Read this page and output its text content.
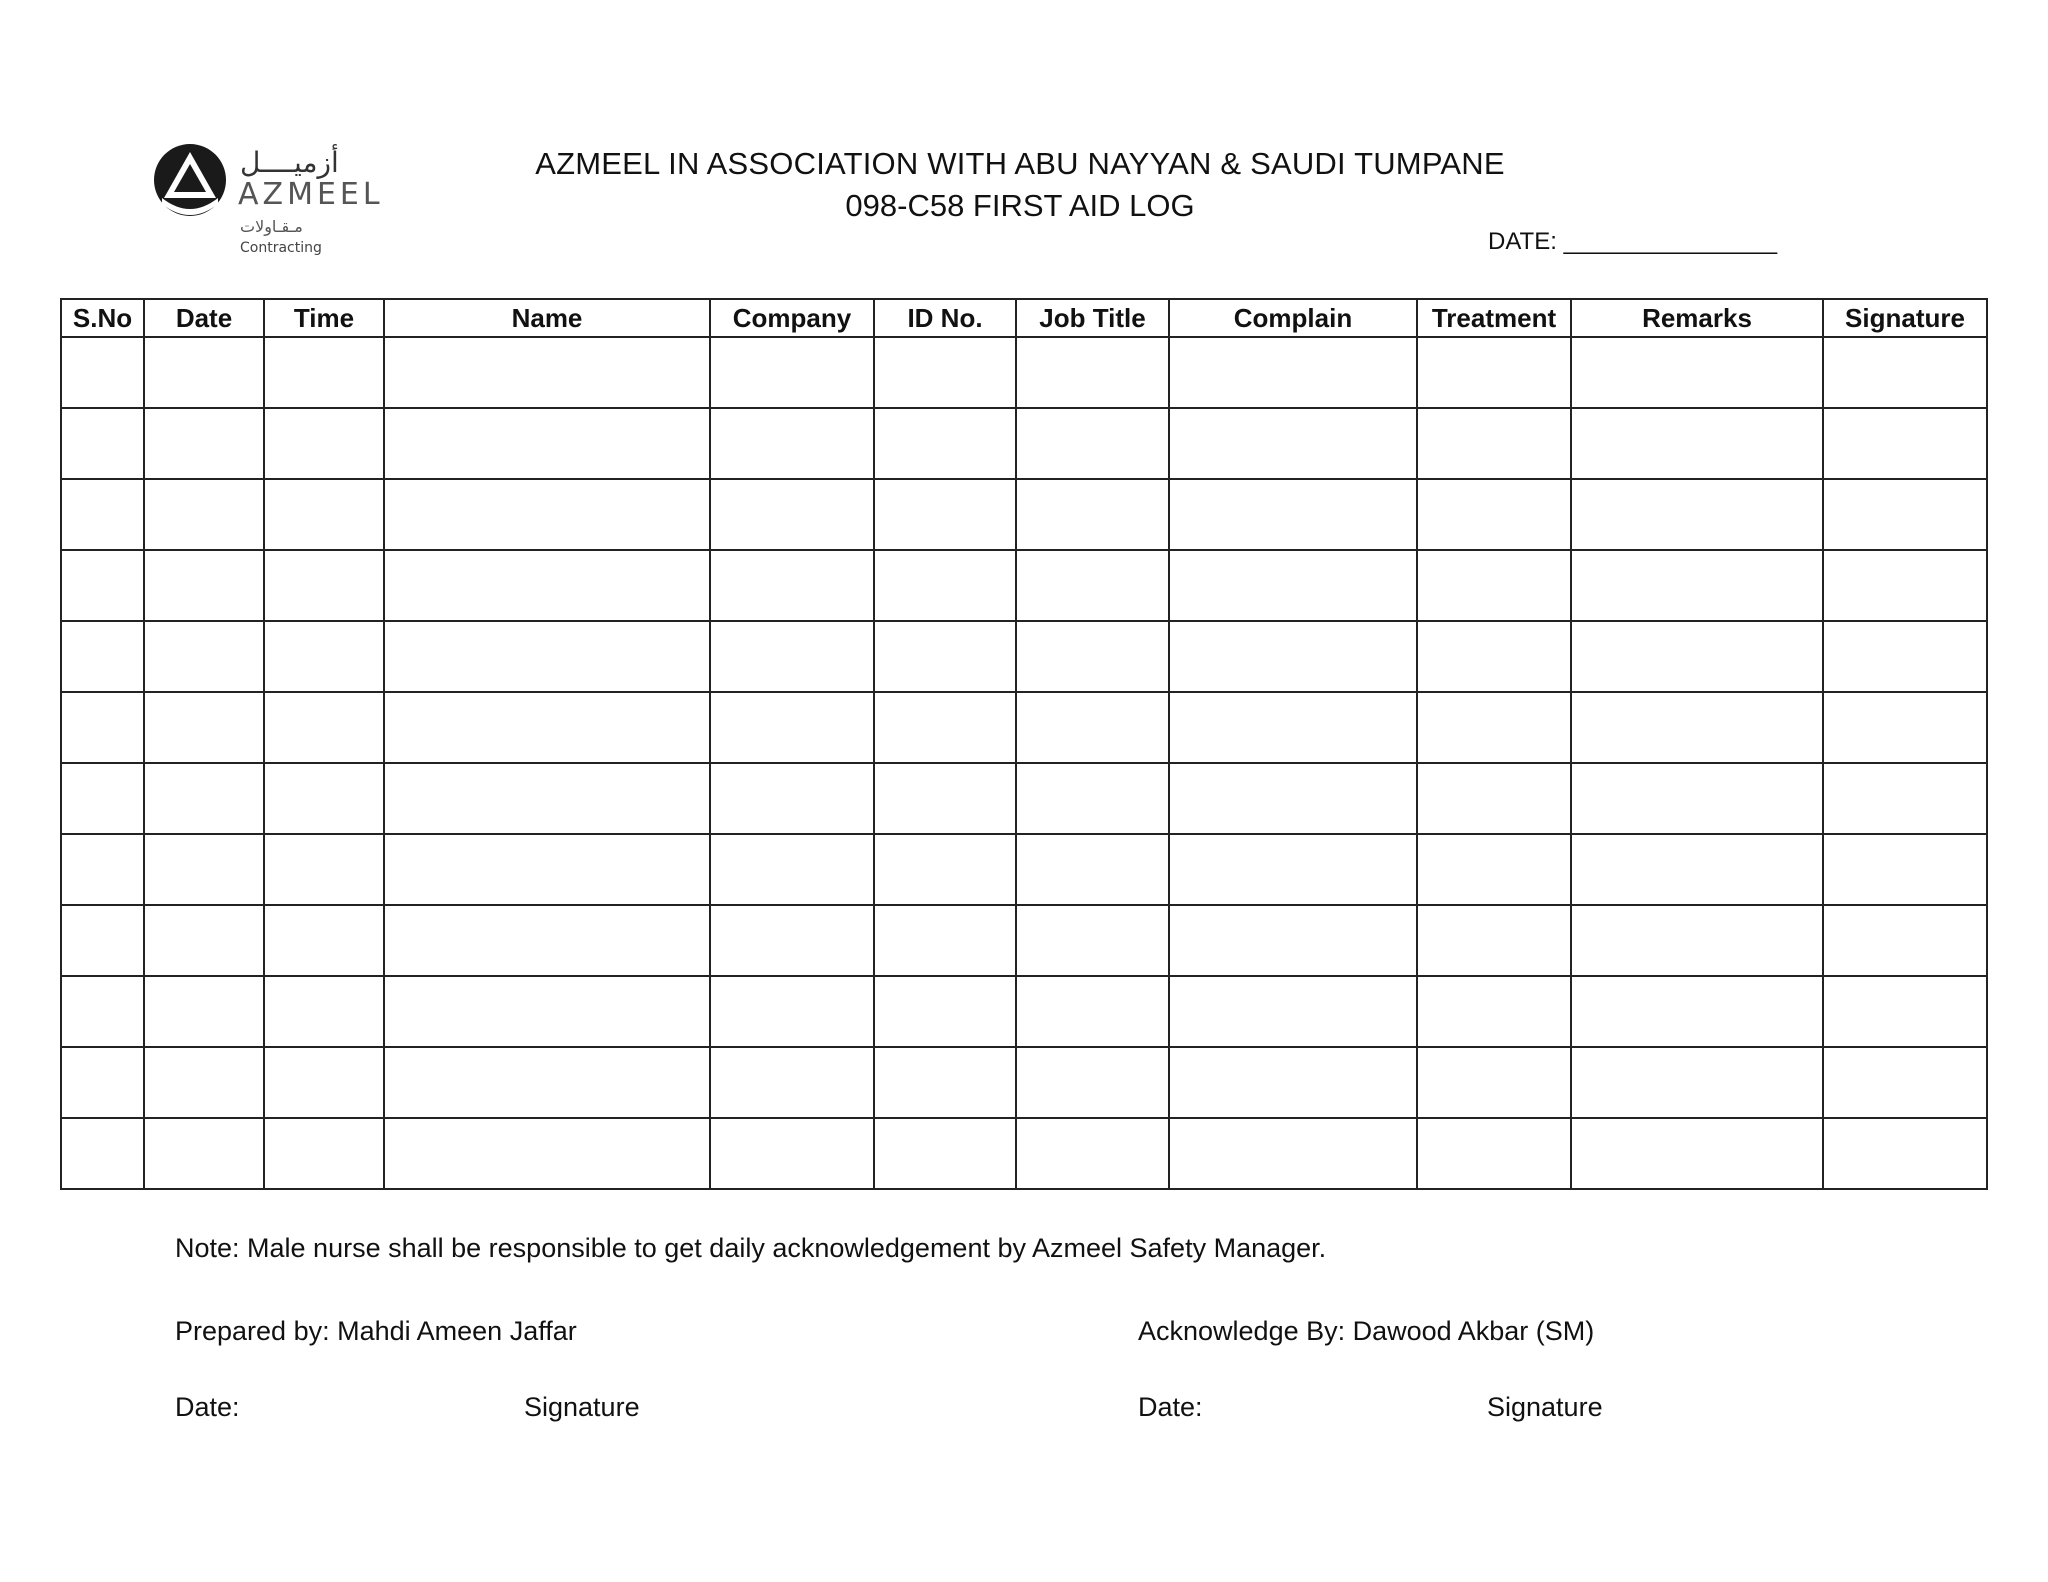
أزميــــل
AZMEEL
مـقـاولات
Contracting
AZMEEL IN ASSOCIATION WITH ABU NAYYAN & SAUDI TUMPANE
098-C58 FIRST AID LOG
DATE: ________________
S.No	Date	Time	Name	Company	ID No.	Job Title	Complain	Treatment	Remarks	Signature

Note: Male nurse shall be responsible to get daily acknowledgement by Azmeel Safety Manager.
Prepared by: Mahdi Ameen Jaffar	Acknowledge By: Dawood Akbar (SM)
Date:	Signature	Date:	Signature
